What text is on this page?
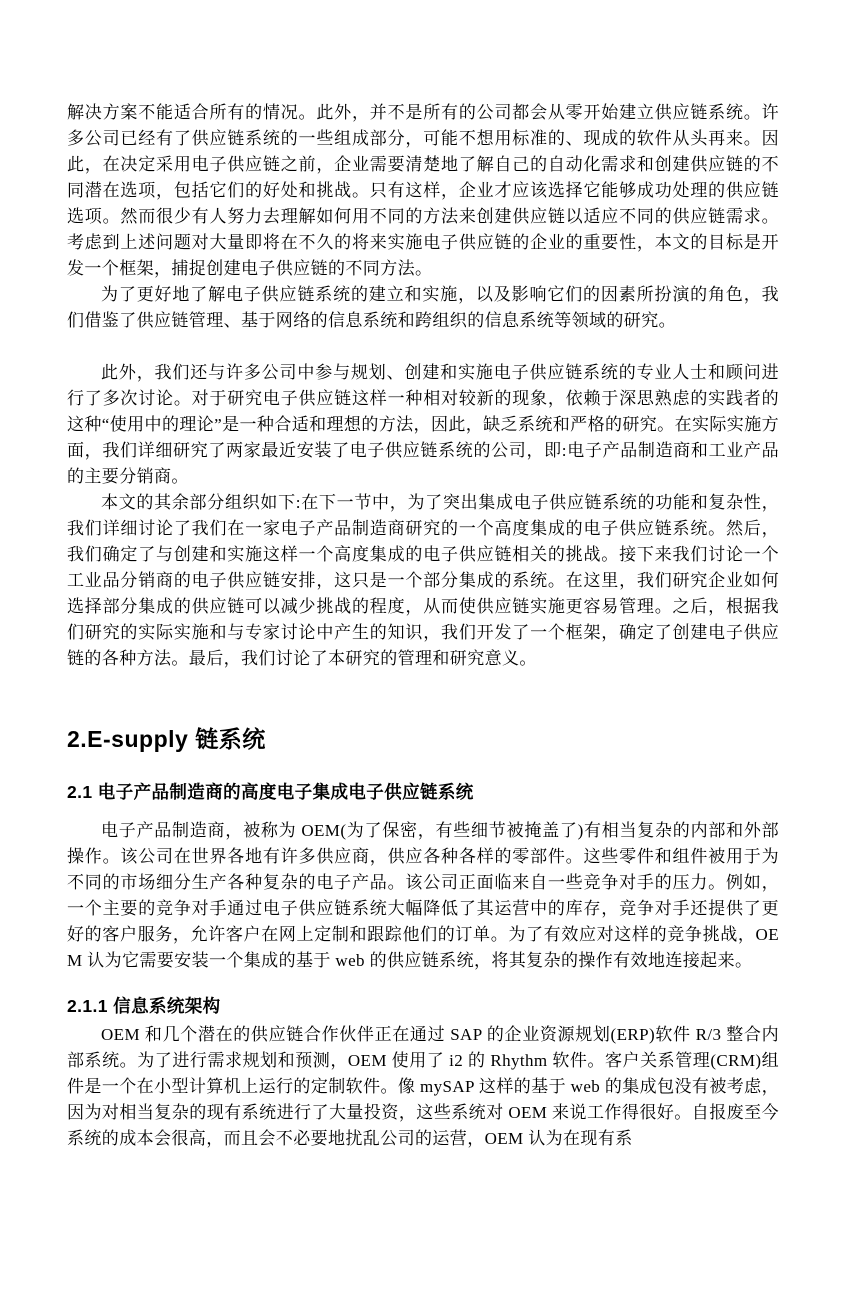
解决方案不能适合所有的情况。此外，并不是所有的公司都会从零开始建立供应链系统。许多公司已经有了供应链系统的一些组成部分，可能不想用标准的、现成的软件从头再来。因此，在决定采用电子供应链之前，企业需要清楚地了解自己的自动化需求和创建供应链的不同潜在选项，包括它们的好处和挑战。只有这样，企业才应该选择它能够成功处理的供应链选项。然而很少有人努力去理解如何用不同的方法来创建供应链以适应不同的供应链需求。考虑到上述问题对大量即将在不久的将来实施电子供应链的企业的重要性，本文的目标是开发一个框架，捕捉创建电子供应链的不同方法。

为了更好地了解电子供应链系统的建立和实施，以及影响它们的因素所扮演的角色，我们借鉴了供应链管理、基于网络的信息系统和跨组织的信息系统等领域的研究。

此外，我们还与许多公司中参与规划、创建和实施电子供应链系统的专业人士和顾问进行了多次讨论。对于研究电子供应链这样一种相对较新的现象，依赖于深思熟虑的实践者的这种“使用中的理论”是一种合适和理想的方法，因此，缺乏系统和严格的研究。在实际实施方面，我们详细研究了两家最近安装了电子供应链系统的公司，即:电子产品制造商和工业产品的主要分销商。

本文的其余部分组织如下:在下一节中，为了突出集成电子供应链系统的功能和复杂性，我们详细讨论了我们在一家电子产品制造商研究的一个高度集成的电子供应链系统。然后，我们确定了与创建和实施这样一个高度集成的电子供应链相关的挑战。接下来我们讨论一个工业品分销商的电子供应链安排，这只是一个部分集成的系统。在这里，我们研究企业如何选择部分集成的供应链可以减少挑战的程度，从而使供应链实施更容易管理。之后，根据我们研究的实际实施和与专家讨论中产生的知识，我们开发了一个框架，确定了创建电子供应链的各种方法。最后，我们讨论了本研究的管理和研究意义。

2.E-supply 链系统
2.1 电子产品制造商的高度电子集成电子供应链系统

电子产品制造商，被称为 OEM(为了保密，有些细节被掩盖了)有相当复杂的内部和外部操作。该公司在世界各地有许多供应商，供应各种各样的零部件。这些零件和组件被用于为不同的市场细分生产各种复杂的电子产品。该公司正面临来自一些竞争对手的压力。例如，一个主要的竞争对手通过电子供应链系统大幅降低了其运营中的库存，竞争对手还提供了更好的客户服务，允许客户在网上定制和跟踪他们的订单。为了有效应对这样的竞争挑战，OEM 认为它需要安装一个集成的基于 web 的供应链系统，将其复杂的操作有效地连接起来。

2.1.1 信息系统架构

OEM 和几个潜在的供应链合作伙伴正在通过 SAP 的企业资源规划(ERP)软件 R/3 整合内部系统。为了进行需求规划和预测，OEM 使用了 i2 的 Rhythm 软件。客户关系管理(CRM)组件是一个在小型计算机上运行的定制软件。像 mySAP 这样的基于 web 的集成包没有被考虑，因为对相当复杂的现有系统进行了大量投资，这些系统对 OEM 来说工作得很好。自报废至今系统的成本会很高，而且会不必要地扰乱公司的运营，OEM 认为在现有系
